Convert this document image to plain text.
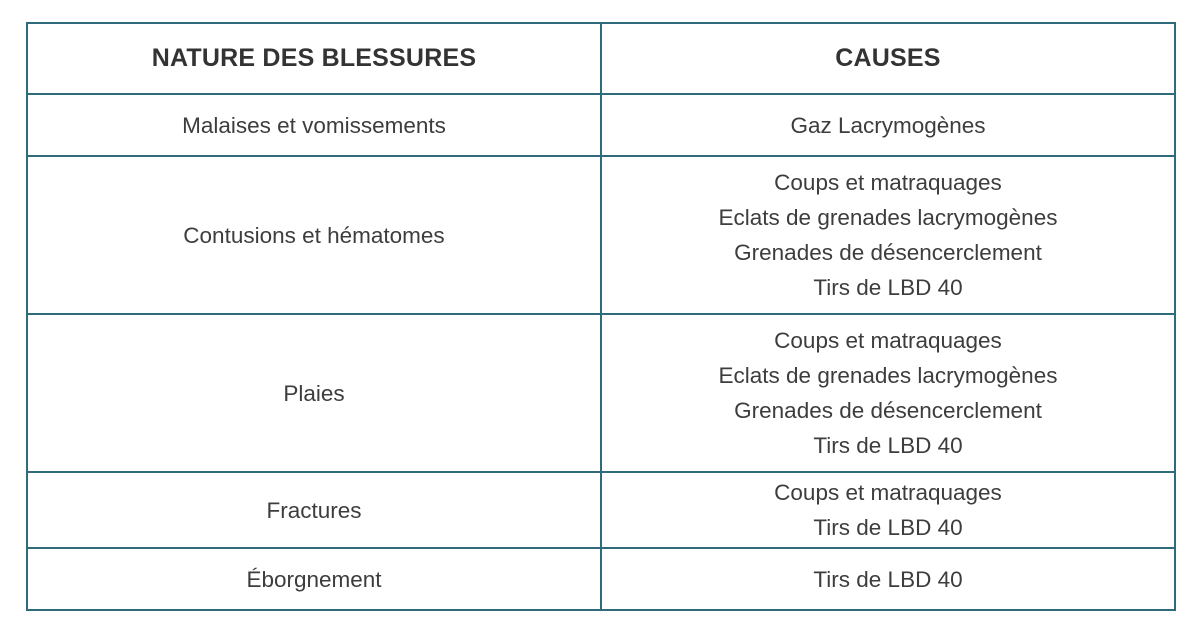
NATURE DES BLESSURES	CAUSES
Malaises et vomissements	Gaz Lacrymogènes

Contusions et hématomes	Coups et matraquages
Eclats de grenades lacrymogènes
Grenades de désencerclement
Tirs de LBD 40

Plaies	Coups et matraquages
Eclats de grenades lacrymogènes
Grenades de désencerclement
Tirs de LBD 40

Fractures	Coups et matraquages
Tirs de LBD 40

Éborgnement	Tirs de LBD 40
